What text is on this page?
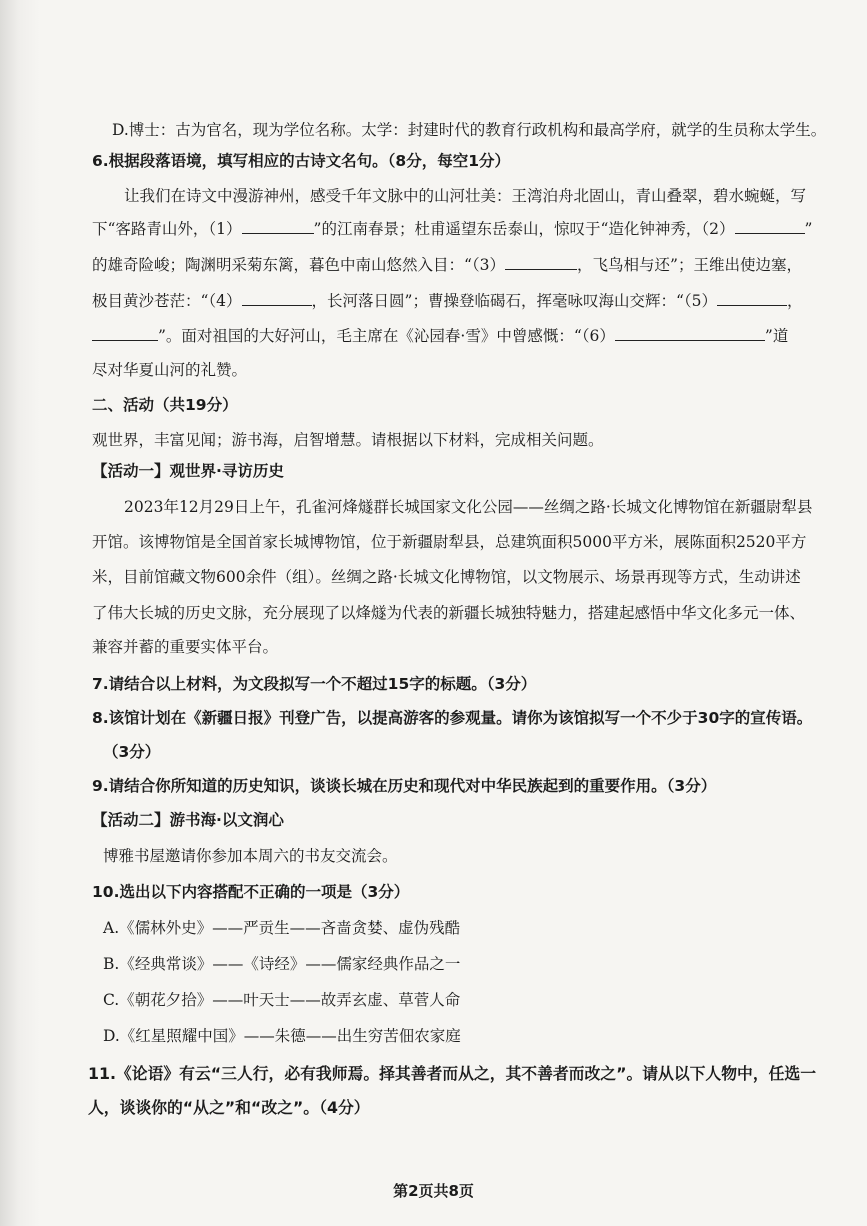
D.博士：古为官名，现为学位名称。太学：封建时代的教育行政机构和最高学府，就学的生员称太学生。
6.根据段落语境，填写相应的古诗文名句。（8分，每空1分）
让我们在诗文中漫游神州，感受千年文脉中的山河壮美：王湾泊舟北固山，青山叠翠，碧水蜿蜒，写
下“客路青山外，（1）	”的江南春景；杜甫遥望东岳泰山，惊叹于“造化钟神秀，（2）	”
的雄奇险峻；陶渊明采菊东篱，暮色中南山悠然入目：“（3）	，飞鸟相与还”；王维出使边塞，
极目黄沙苍茫：“（4）	，长河落日圆”；曹操登临碣石，挥毫咏叹海山交辉：“（5）	，
”。面对祖国的大好河山，毛主席在《沁园春·雪》中曾感慨：“（6）	”道
尽对华夏山河的礼赞。
二、活动（共19分）
观世界，丰富见闻；游书海，启智增慧。请根据以下材料，完成相关问题。
【活动一】观世界·寻访历史
2023年12月29日上午，孔雀河烽燧群长城国家文化公园——丝绸之路·长城文化博物馆在新疆尉犁县
开馆。该博物馆是全国首家长城博物馆，位于新疆尉犁县，总建筑面积5000平方米，展陈面积2520平方
米，目前馆藏文物600余件（组）。丝绸之路·长城文化博物馆，以文物展示、场景再现等方式，生动讲述
了伟大长城的历史文脉，充分展现了以烽燧为代表的新疆长城独特魅力，搭建起感悟中华文化多元一体、
兼容并蓄的重要实体平台。
7.请结合以上材料，为文段拟写一个不超过15字的标题。（3分）
8.该馆计划在《新疆日报》刊登广告，以提高游客的参观量。请你为该馆拟写一个不少于30字的宣传语。
（3分）
9.请结合你所知道的历史知识，谈谈长城在历史和现代对中华民族起到的重要作用。（3分）
【活动二】游书海·以文润心
博雅书屋邀请你参加本周六的书友交流会。
10.选出以下内容搭配不正确的一项是（3分）
A.《儒林外史》——严贡生——吝啬贪婪、虚伪残酷
B.《经典常谈》——《诗经》——儒家经典作品之一
C.《朝花夕拾》——叶天士——故弄玄虚、草菅人命
D.《红星照耀中国》——朱德——出生穷苦佃农家庭
11.《论语》有云“三人行，必有我师焉。择其善者而从之，其不善者而改之”。请从以下人物中，任选一
人，谈谈你的“从之”和“改之”。（4分）
第2页共8页
